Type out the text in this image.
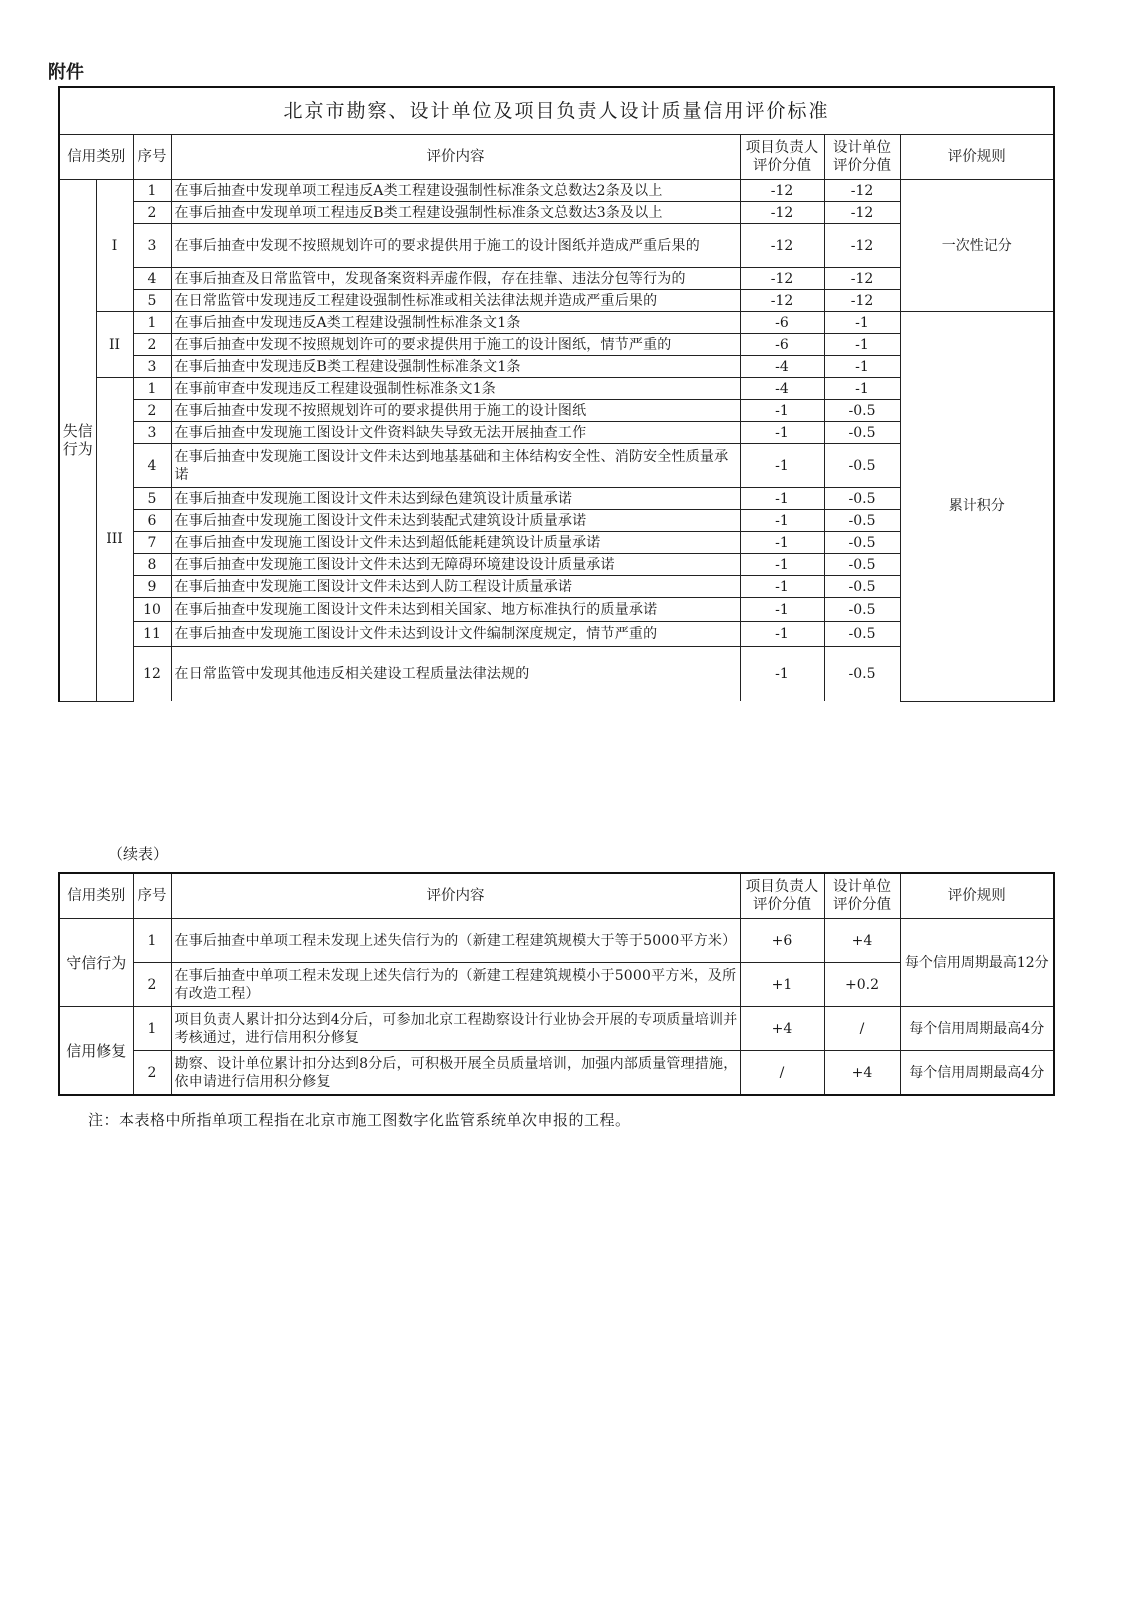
附件
北京市勘察、设计单位及项目负责人设计质量信用评价标准						
信用类别		序号	评价内容	项目负责人评价分值	设计单位评价分值	评价规则
失信行为	I	1	在事后抽查中发现单项工程违反A类工程建设强制性标准条文总数达2条及以上	-12	-12	一次性记分
		2	在事后抽查中发现单项工程违反B类工程建设强制性标准条文总数达3条及以上	-12	-12	
		3	在事后抽查中发现不按照规划许可的要求提供用于施工的设计图纸并造成严重后果的	-12	-12	
		4	在事后抽查及日常监管中，发现备案资料弄虚作假，存在挂靠、违法分包等行为的	-12	-12	
		5	在日常监管中发现违反工程建设强制性标准或相关法律法规并造成严重后果的	-12	-12	
	II	1	在事后抽查中发现违反A类工程建设强制性标准条文1条	-6	-1	累计积分
		2	在事后抽查中发现不按照规划许可的要求提供用于施工的设计图纸，情节严重的	-6	-1	
		3	在事后抽查中发现违反B类工程建设强制性标准条文1条	-4	-1	
	III	1	在事前审查中发现违反工程建设强制性标准条文1条	-4	-1	
		2	在事后抽查中发现不按照规划许可的要求提供用于施工的设计图纸	-1	-0.5	
		3	在事后抽查中发现施工图设计文件资料缺失导致无法开展抽查工作	-1	-0.5	
		4	在事后抽查中发现施工图设计文件未达到地基基础和主体结构安全性、消防安全性质量承诺	-1	-0.5	
		5	在事后抽查中发现施工图设计文件未达到绿色建筑设计质量承诺	-1	-0.5	
		6	在事后抽查中发现施工图设计文件未达到装配式建筑设计质量承诺	-1	-0.5	
		7	在事后抽查中发现施工图设计文件未达到超低能耗建筑设计质量承诺	-1	-0.5	
		8	在事后抽查中发现施工图设计文件未达到无障碍环境建设设计质量承诺	-1	-0.5	
		9	在事后抽查中发现施工图设计文件未达到人防工程设计质量承诺	-1	-0.5	
		10	在事后抽查中发现施工图设计文件未达到相关国家、地方标准执行的质量承诺	-1	-0.5	
		11	在事后抽查中发现施工图设计文件未达到设计文件编制深度规定，情节严重的	-1	-0.5	
		12	在日常监管中发现其他违反相关建设工程质量法律法规的	-1	-0.5	
（续表）
信用类别	序号	评价内容	项目负责人评价分值	设计单位评价分值	评价规则
守信行为	1	在事后抽查中单项工程未发现上述失信行为的（新建工程建筑规模大于等于5000平方米）	+6	+4	每个信用周期最高12分
	2	在事后抽查中单项工程未发现上述失信行为的（新建工程建筑规模小于5000平方米，及所有改造工程）	+1	+0.2	
信用修复	1	项目负责人累计扣分达到4分后，可参加北京工程勘察设计行业协会开展的专项质量培训并考核通过，进行信用积分修复	+4	/	每个信用周期最高4分
	2	勘察、设计单位累计扣分达到8分后，可积极开展全员质量培训，加强内部质量管理措施，依申请进行信用积分修复	/	+4	每个信用周期最高4分
注：本表格中所指单项工程指在北京市施工图数字化监管系统单次申报的工程。
